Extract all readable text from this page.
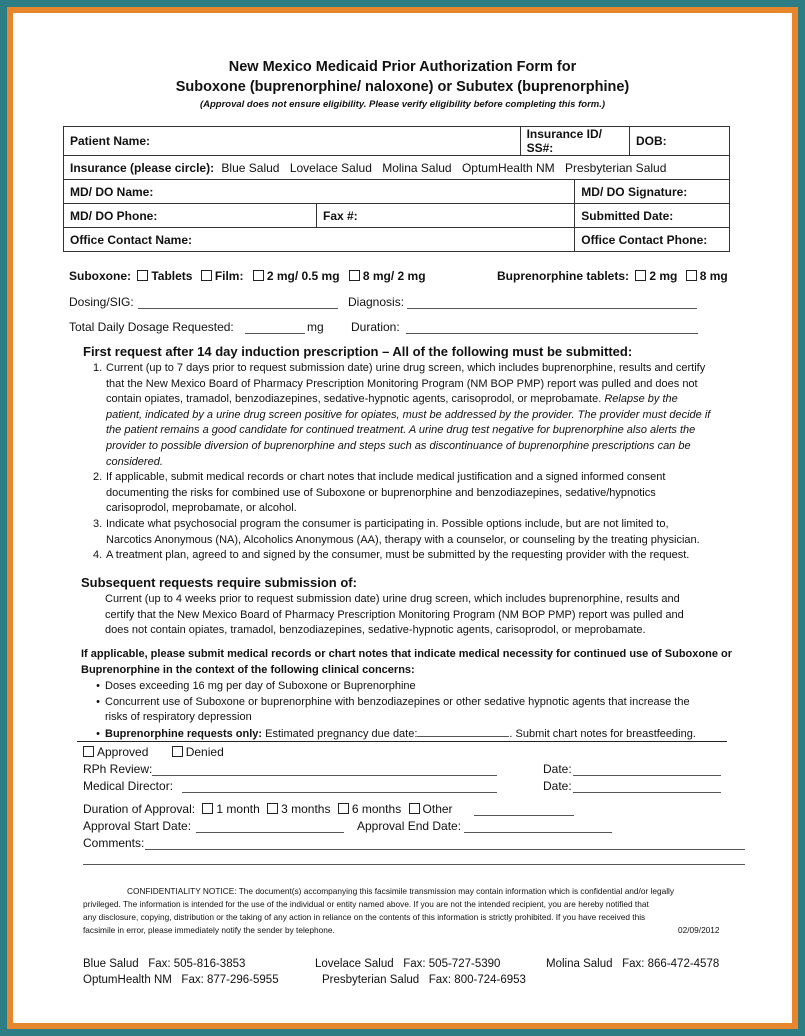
New Mexico Medicaid Prior Authorization Form for
Suboxone (buprenorphine/ naloxone) or Subutex (buprenorphine)
(Approval does not ensure eligibility. Please verify eligibility before completing this form.)
Patient Name:		Insurance ID/ SS#:		DOB:
Insurance (please circle): Blue Salud Lovelace Salud Molina Salud OptumHealth NM Presbyterian Salud				
MD/ DO Name:			MD/ DO Signature:	
MD/ DO Phone:	Fax #:		Submitted Date:	
Office Contact Name:			Office Contact Phone:	
Suboxone: Tablets Film: 2 mg/ 0.5 mg 8 mg/ 2 mg	Buprenorphine tablets: 2 mg 8 mg
Dosing/SIG:	Diagnosis:
Total Daily Dosage Requested:	mg Duration:
First request after 14 day induction prescription – All of the following must be submitted:
1. Current (up to 7 days prior to request submission date) urine drug screen, which includes buprenorphine, results and certify
that the New Mexico Board of Pharmacy Prescription Monitoring Program (NM BOP PMP) report was pulled and does not
contain opiates, tramadol, benzodiazepines, sedative-hypnotic agents, carisoprodol, or meprobamate. Relapse by the
patient, indicated by a urine drug screen positive for opiates, must be addressed by the provider. The provider must decide if
the patient remains a good candidate for continued treatment. A urine drug test negative for buprenorphine also alerts the
provider to possible diversion of buprenorphine and steps such as discontinuance of buprenorphine prescriptions can be
considered.
2. If applicable, submit medical records or chart notes that include medical justification and a signed informed consent
documenting the risks for combined use of Suboxone or buprenorphine and benzodiazepines, sedative/hypnotics
carisoprodol, meprobamate, or alcohol.
3. Indicate what psychosocial program the consumer is participating in. Possible options include, but are not limited to,
Narcotics Anonymous (NA), Alcoholics Anonymous (AA), therapy with a counselor, or counseling by the treating physician.
4. A treatment plan, agreed to and signed by the consumer, must be submitted by the requesting provider with the request.
Subsequent requests require submission of:
Current (up to 4 weeks prior to request submission date) urine drug screen, which includes buprenorphine, results and
certify that the New Mexico Board of Pharmacy Prescription Monitoring Program (NM BOP PMP) report was pulled and
does not contain opiates, tramadol, benzodiazepines, sedative-hypnotic agents, carisoprodol, or meprobamate.
If applicable, please submit medical records or chart notes that indicate medical necessity for continued use of Suboxone or
Buprenorphine in the context of the following clinical concerns:
• Doses exceeding 16 mg per day of Suboxone or Buprenorphine
• Concurrent use of Suboxone or buprenorphine with benzodiazepines or other sedative hypnotic agents that increase the
risks of respiratory depression
• Buprenorphine requests only: Estimated pregnancy due date:	. Submit chart notes for breastfeeding.
Approved	Denied
RPh Review:	Date:
Medical Director:	Date:
Duration of Approval: 1 month 3 months 6 months Other
Approval Start Date:	Approval End Date:
Comments:
CONFIDENTIALITY NOTICE: The document(s) accompanying this facsimile transmission may contain information which is confidential and/or legally
privileged. The information is intended for the use of the individual or entity named above. If you are not the intended recipient, you are hereby notified that
any disclosure, copying, distribution or the taking of any action in reliance on the contents of this information is strictly prohibited. If you have received this
facsimile in error, please immediately notify the sender by telephone.	02/09/2012
Blue Salud   Fax: 505-816-3853	Lovelace Salud   Fax: 505-727-5390	Molina Salud   Fax: 866-472-4578
OptumHealth NM   Fax: 877-296-5955	Presbyterian Salud   Fax: 800-724-6953
